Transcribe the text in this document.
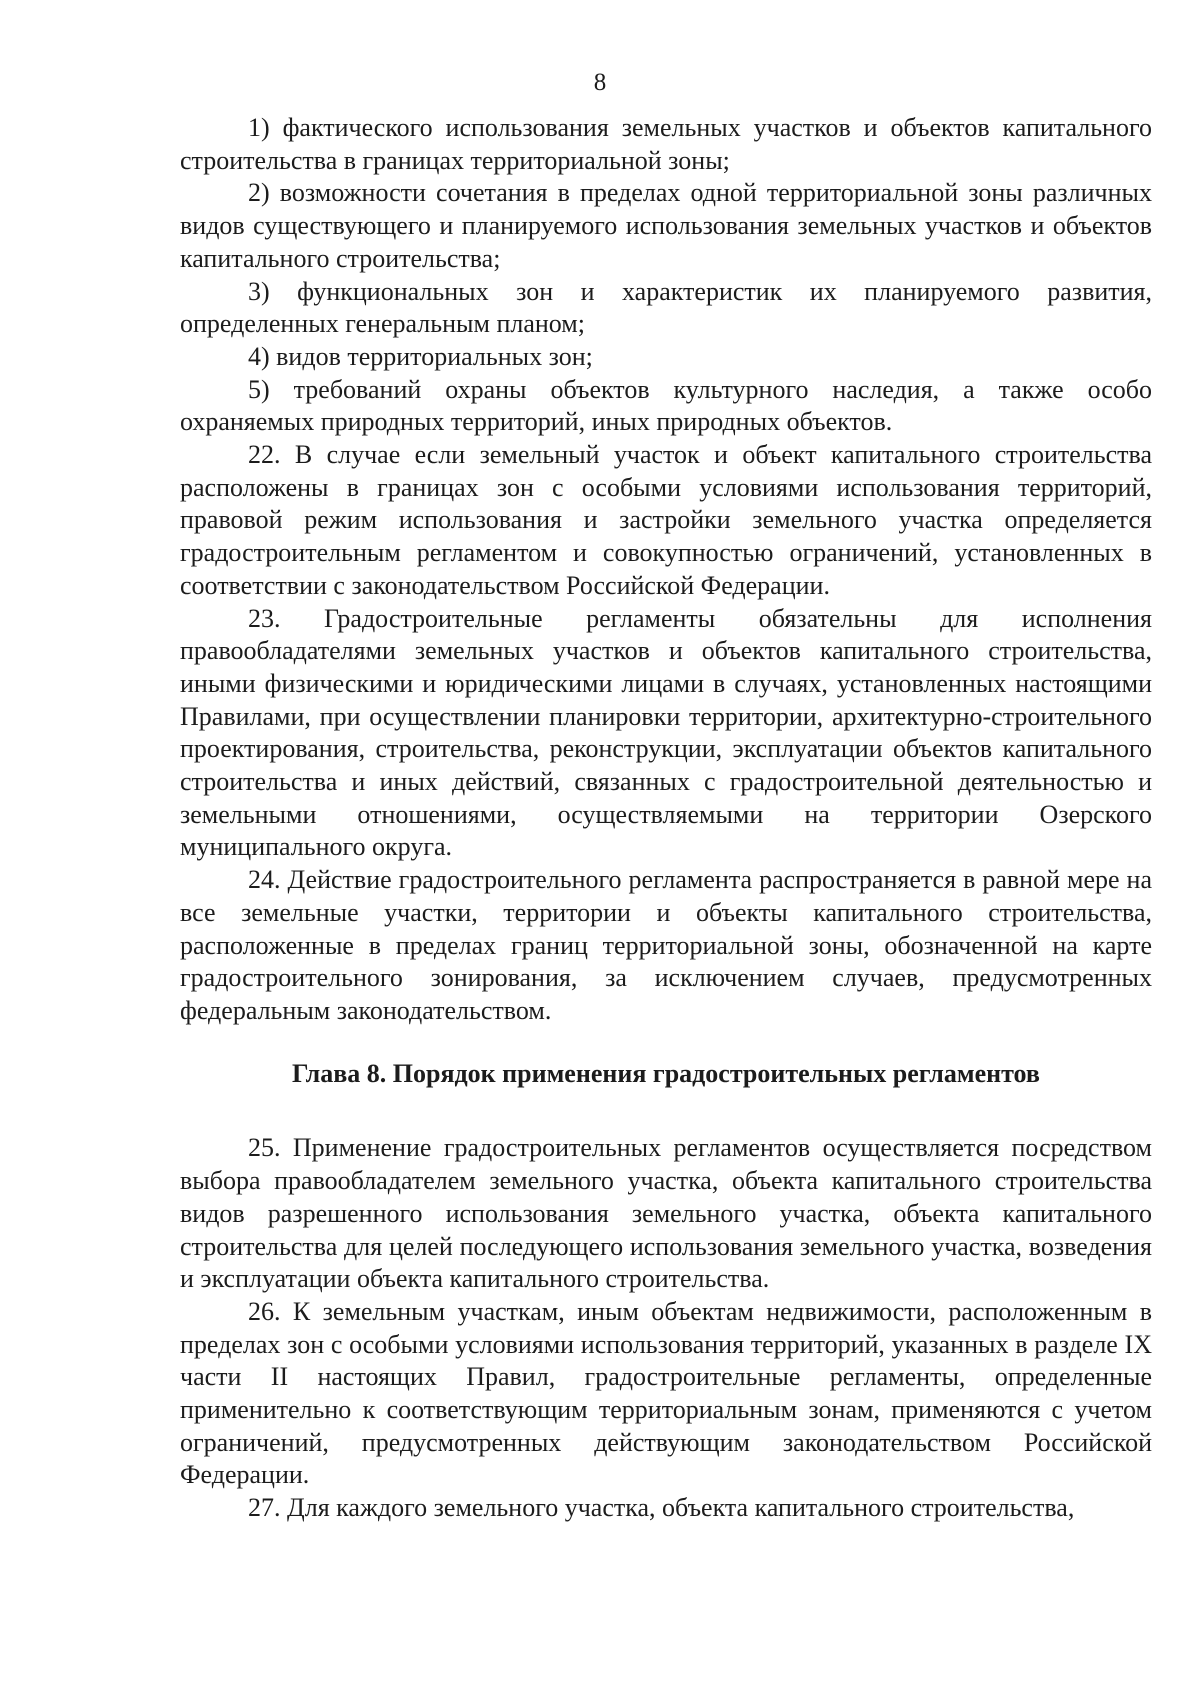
8

1) фактического использования земельных участков и объектов капитального строительства в границах территориальной зоны;

2) возможности сочетания в пределах одной территориальной зоны различных видов существующего и планируемого использования земельных участков и объектов капитального строительства;

3) функциональных зон и характеристик их планируемого развития, определенных генеральным планом;

4) видов территориальных зон;

5) требований охраны объектов культурного наследия, а также особо охраняемых природных территорий, иных природных объектов.

22. В случае если земельный участок и объект капитального строительства расположены в границах зон с особыми условиями использования территорий, правовой режим использования и застройки земельного участка определяется градостроительным регламентом и совокупностью ограничений, установленных в соответствии с законодательством Российской Федерации.

23. Градостроительные регламенты обязательны для исполнения правообладателями земельных участков и объектов капитального строительства, иными физическими и юридическими лицами в случаях, установленных настоящими Правилами, при осуществлении планировки территории, архитектурно-строительного проектирования, строительства, реконструкции, эксплуатации объектов капитального строительства и иных действий, связанных с градостроительной деятельностью и земельными отношениями, осуществляемыми на территории Озерского муниципального округа.

24. Действие градостроительного регламента распространяется в равной мере на все земельные участки, территории и объекты капитального строительства, расположенные в пределах границ территориальной зоны, обозначенной на карте градостроительного зонирования, за исключением случаев, предусмотренных федеральным законодательством.

Глава 8. Порядок применения градостроительных регламентов

25. Применение градостроительных регламентов осуществляется посредством выбора правообладателем земельного участка, объекта капитального строительства видов разрешенного использования земельного участка, объекта капитального строительства для целей последующего использования земельного участка, возведения и эксплуатации объекта капитального строительства.

26. К земельным участкам, иным объектам недвижимости, расположенным в пределах зон с особыми условиями использования территорий, указанных в разделе IX части II настоящих Правил, градостроительные регламенты, определенные применительно к соответствующим территориальным зонам, применяются с учетом ограничений, предусмотренных действующим законодательством Российской Федерации.

27. Для каждого земельного участка, объекта капитального строительства,
